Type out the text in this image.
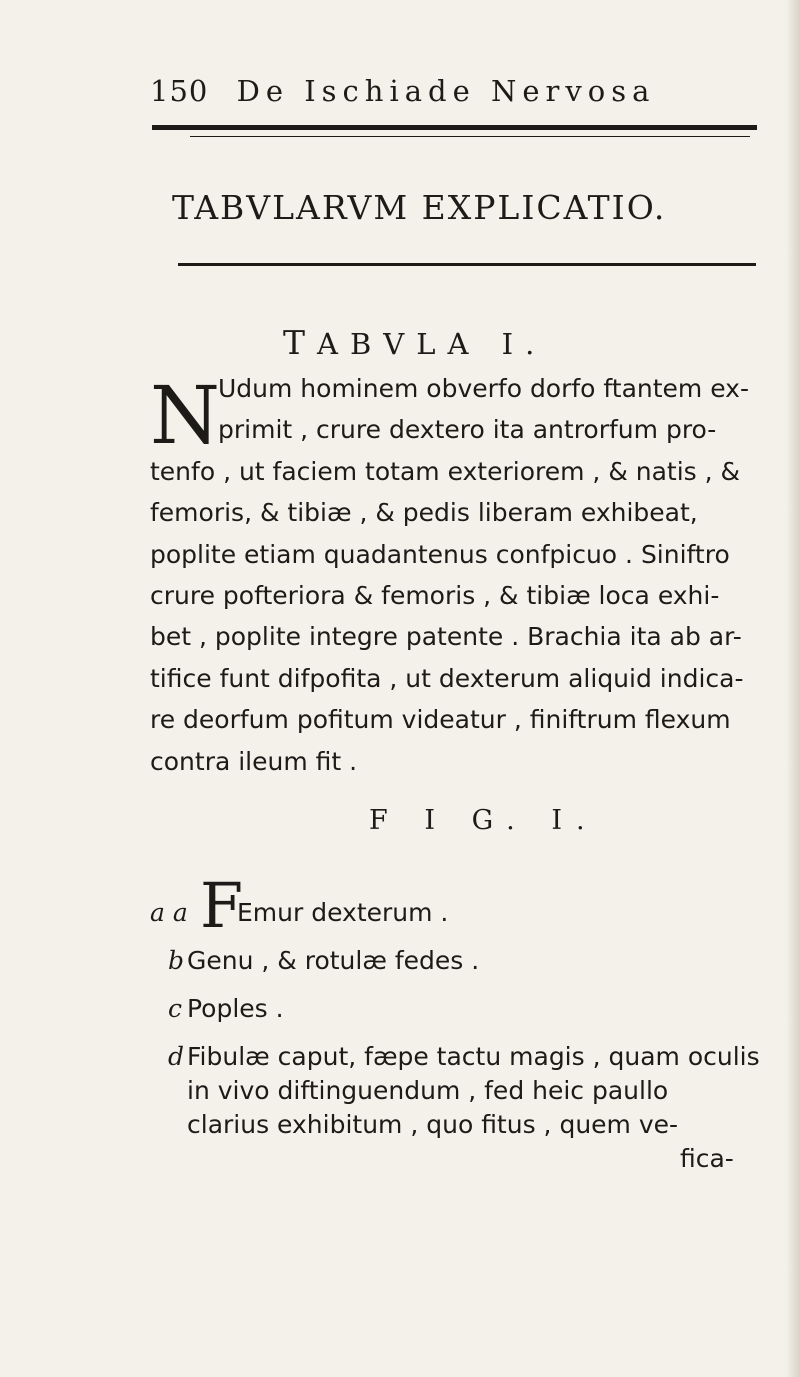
150 De Ischiade Nervosa
TABVLARVM EXPLICATIO.
TABVLA I.
N
Udum hominem obverfo dorfo ftantem ex-
primit , crure dextero ita antrorfum pro-
tenfo , ut faciem totam exteriorem , & natis , &
femoris, & tibiæ , & pedis liberam exhibeat,
poplite etiam quadantenus confpicuo . Siniftro
crure pofteriora & femoris , & tibiæ loca exhi-
bet , poplite integre patente . Brachia ita ab ar-
tifice funt difpofita , ut dexterum aliquid indica-
re deorfum pofitum videatur , finiftrum flexum
contra ileum fit .
F I G. I.
a a Emur dexterum .
b Genu , & rotulæ fedes .
c Poples .
d Fibulæ caput, fæpe tactu magis , quam oculis
in vivo diftinguendum , fed heic paullo
clarius exhibitum , quo fitus , quem ve-
F
fica-
